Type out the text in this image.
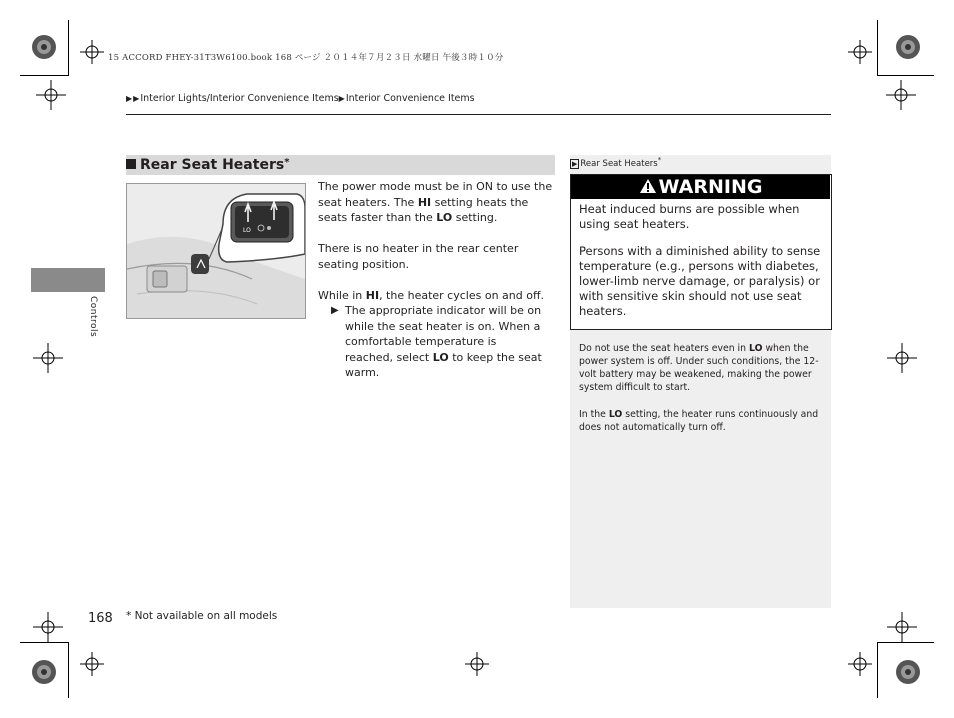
15 ACCORD FHEY-31T3W6100.book 168 ページ ２０１４年７月２３日 水曜日 午後３時１０分
▶▶Interior Lights/Interior Convenience Items▶Interior Convenience Items
Controls
Rear Seat Heaters*
LO
The power mode must be in ON to use the seat heaters. The HI setting heats the seats faster than the LO setting.
There is no heater in the rear center seating position.
While in HI, the heater cycles on and off.
▶ The appropriate indicator will be on while the seat heater is on. When a comfortable temperature is reached, select LO to keep the seat warm.
▶ Rear Seat Heaters*
WARNING
Heat induced burns are possible when using seat heaters.
Persons with a diminished ability to sense temperature (e.g., persons with diabetes, lower-limb nerve damage, or paralysis) or with sensitive skin should not use seat heaters.
Do not use the seat heaters even in LO when the power system is off. Under such conditions, the 12-volt battery may be weakened, making the power system difficult to start.
In the LO setting, the heater runs continuously and does not automatically turn off.
168 * Not available on all models
